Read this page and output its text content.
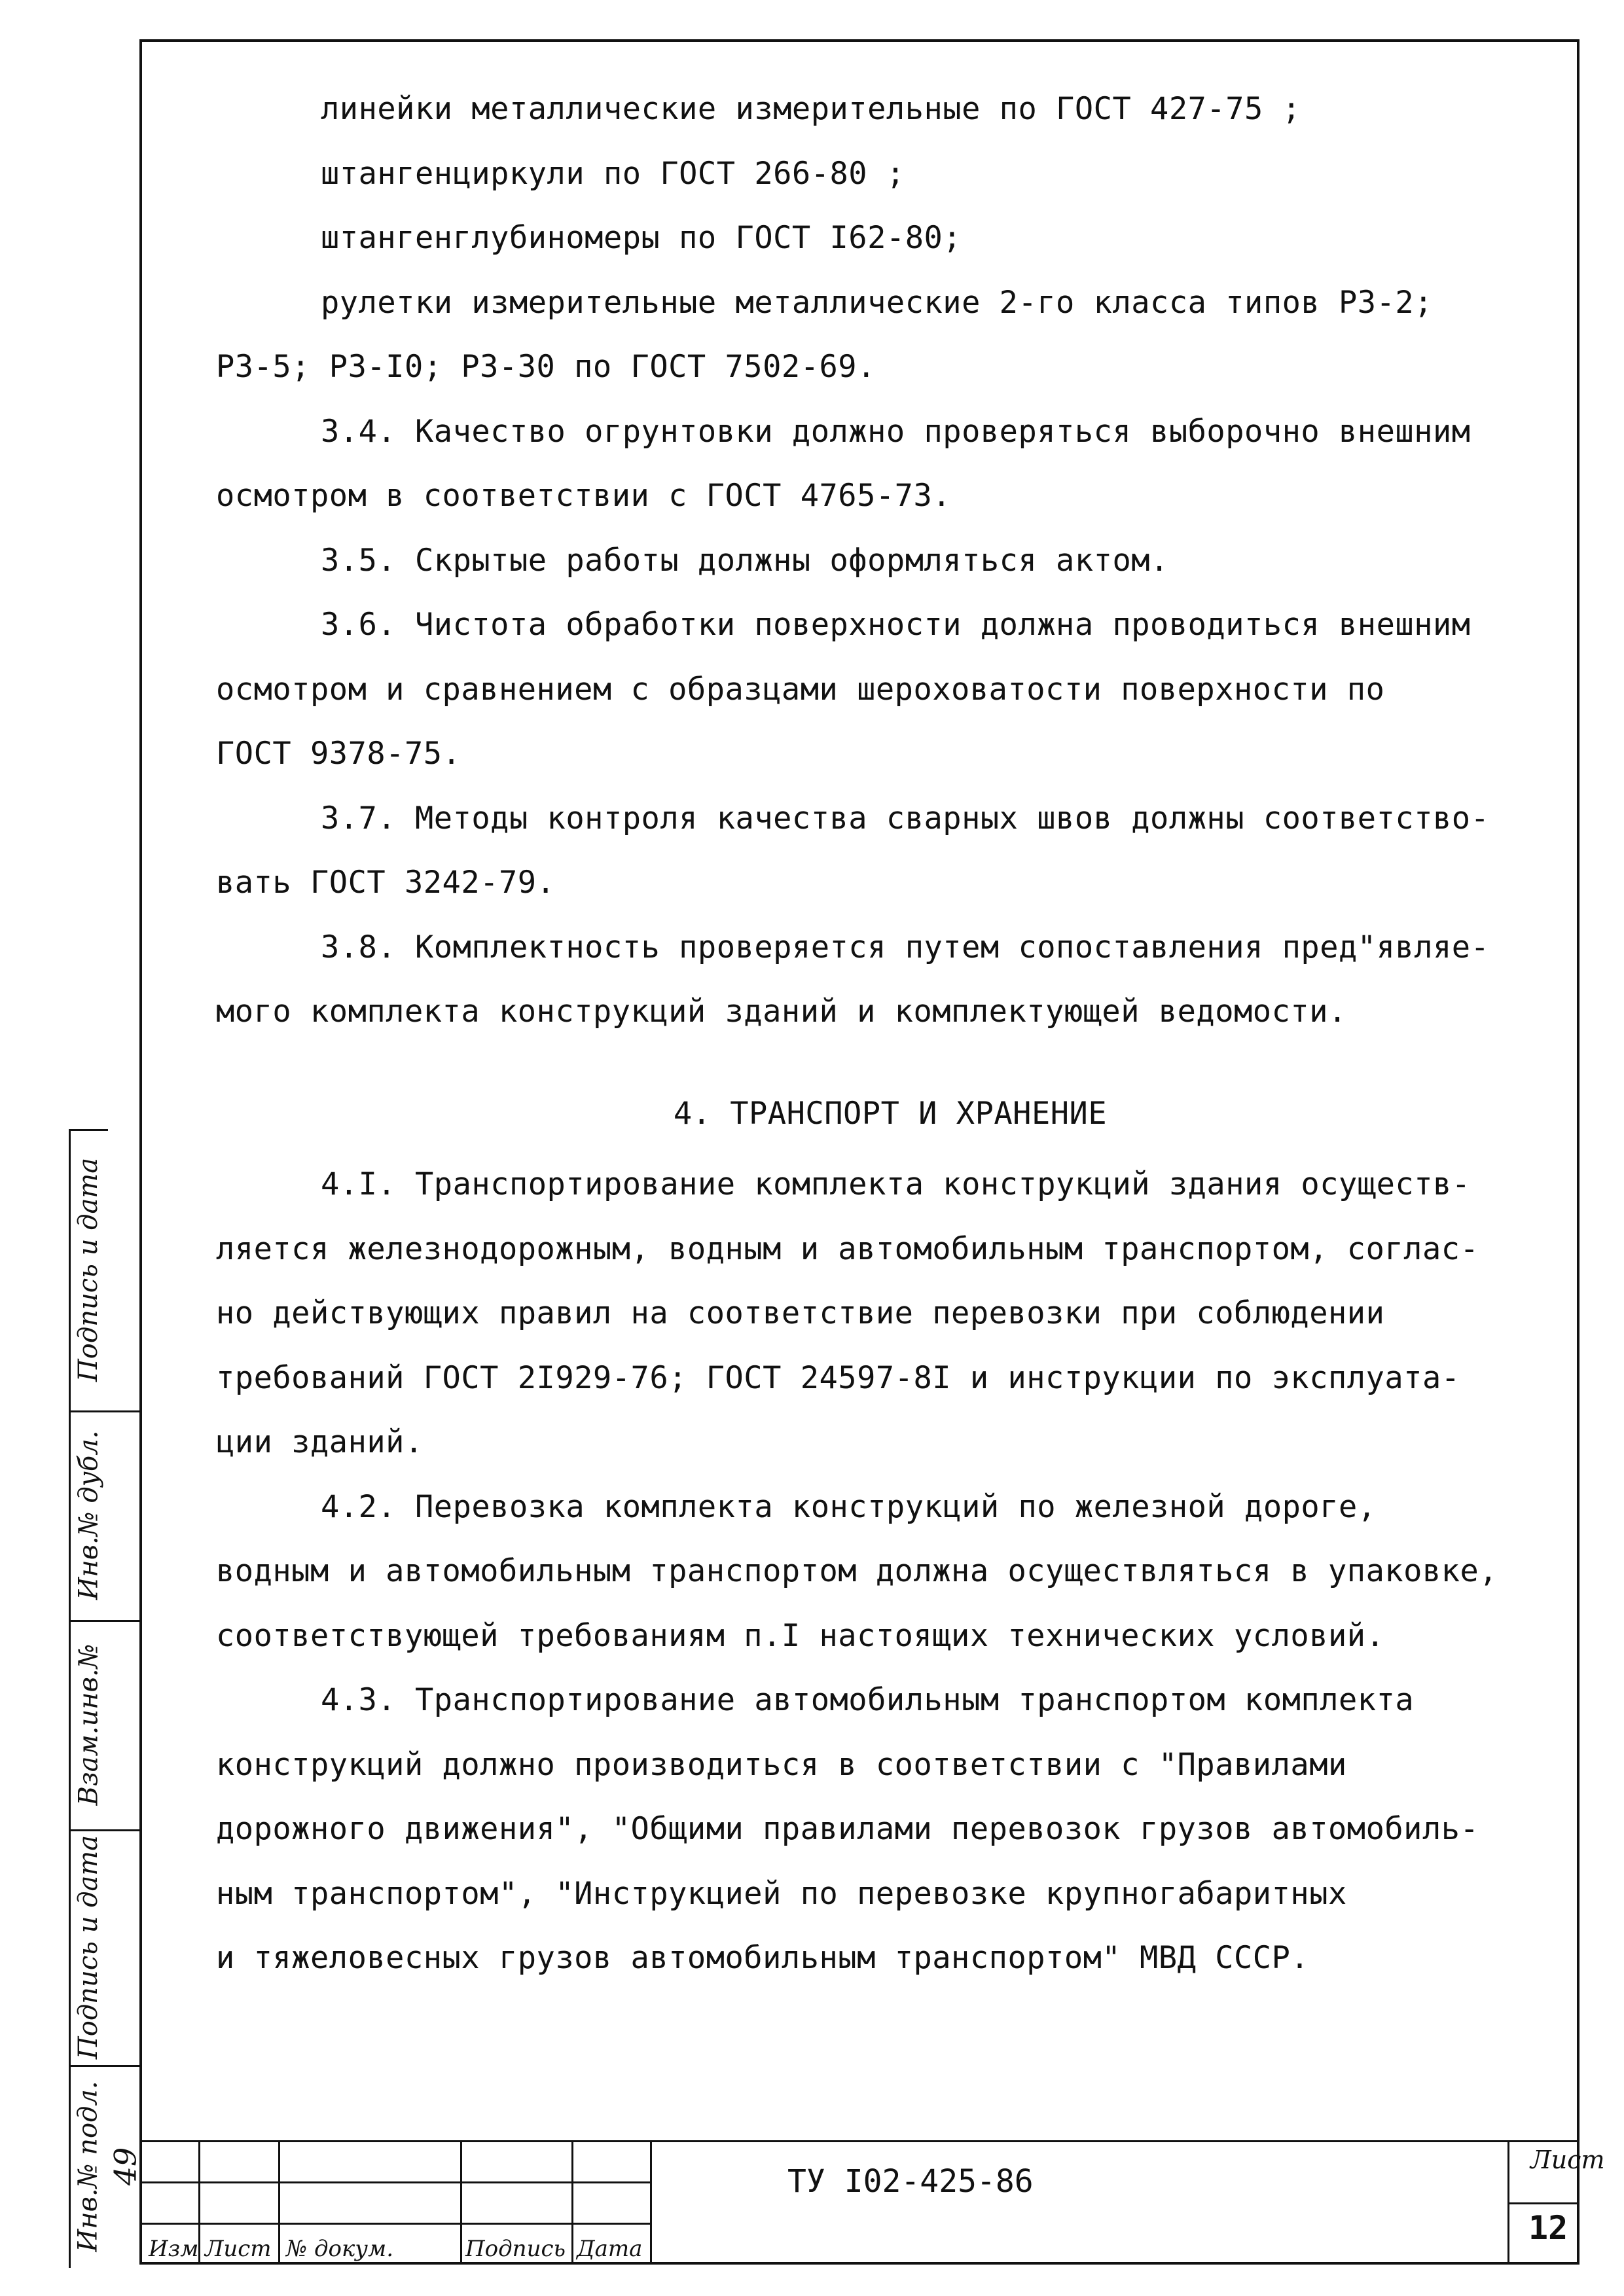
линейки металлические измерительные по ГОСТ 427-75 ;
штангенциркули по ГОСТ 266-80 ;
штангенглубиномеры по ГОСТ I62-80;
рулетки измерительные металлические 2-го класса типов Р3-2;
Р3-5; Р3-I0; Р3-30 по ГОСТ 7502-69.
3.4. Качество огрунтовки должно проверяться выборочно внешним
осмотром в соответствии с ГОСТ 4765-73.
3.5. Скрытые работы должны оформляться актом.
3.6. Чистота обработки поверхности должна проводиться внешним
осмотром и сравнением с образцами шероховатости поверхности по
ГОСТ 9378-75.
3.7. Методы контроля качества сварных швов должны соответство-
вать ГОСТ 3242-79.
3.8. Комплектность проверяется путем сопоставления пред"являе-
мого комплекта конструкций зданий и комплектующей ведомости.
4. ТРАНСПОРТ И ХРАНЕНИЕ
4.I. Транспортирование комплекта конструкций здания осуществ-
ляется железнодорожным, водным и автомобильным транспортом, соглас-
но действующих правил на соответствие перевозки при соблюдении
требований ГОСТ 2I929-76; ГОСТ 24597-8I и инструкции по эксплуата-
ции зданий.
4.2. Перевозка комплекта конструкций по железной дороге,
водным и автомобильным транспортом должна осуществляться в упаковке,
соответствующей требованиям п.I настоящих технических условий.
4.3. Транспортирование автомобильным транспортом комплекта
конструкций должно производиться в соответствии с "Правилами
дорожного движения", "Общими правилами перевозок грузов автомобиль-
ным транспортом", "Инструкцией по перевозке крупногабаритных
и тяжеловесных грузов автомобильным транспортом" МВД СССР.
Подпись и дата
Инв.№ дубл.
Взам.инв.№
Подпись и дата
Инв.№ подл. 49
Изм Лист № докум.	Подпись Дата
ТУ I02-425-86
Лист
12
